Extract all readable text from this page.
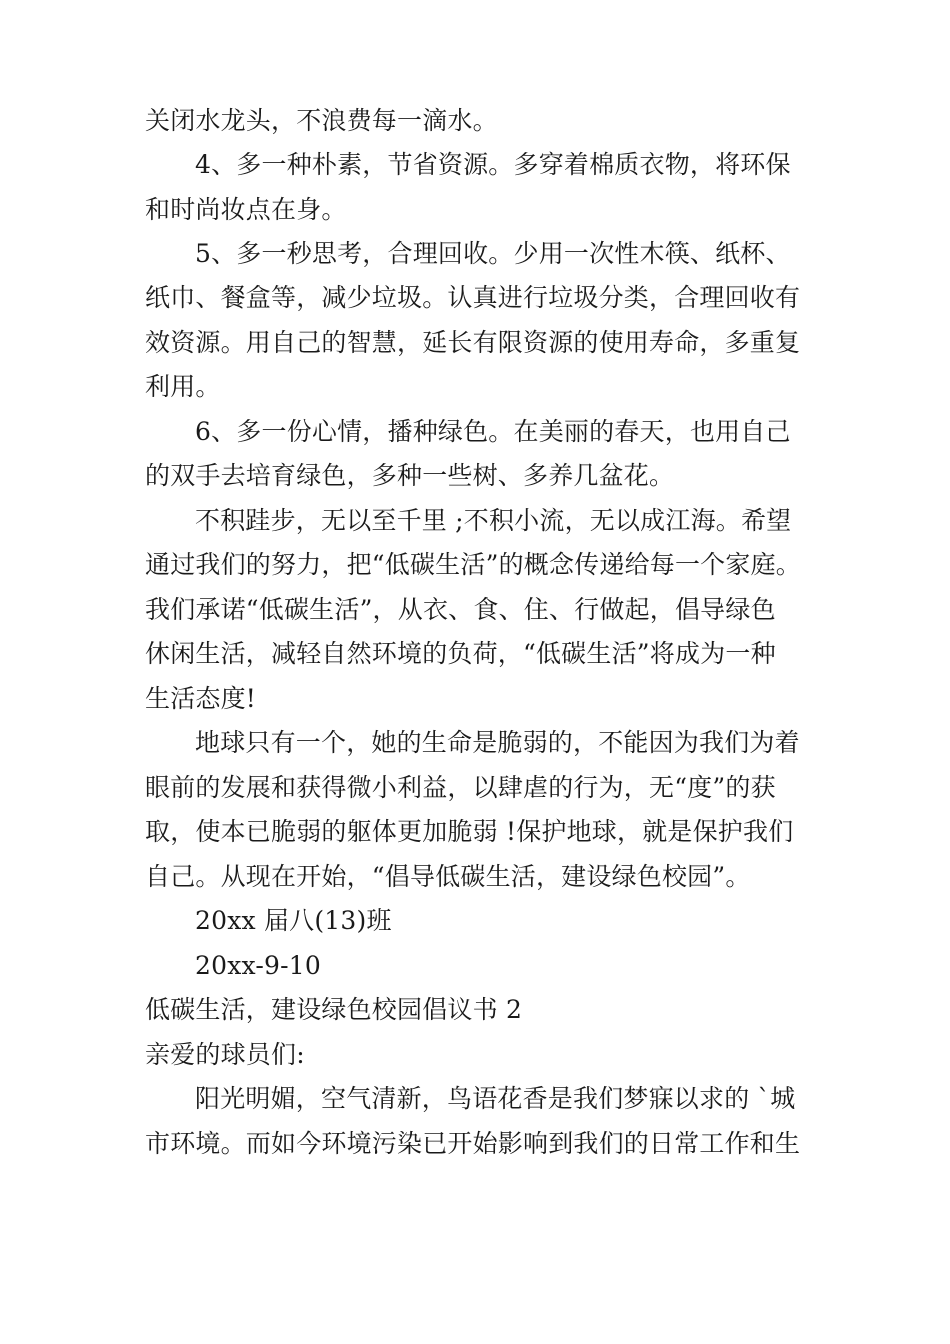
关闭水龙头，不浪费每一滴水。
4、多一种朴素，节省资源。多穿着棉质衣物，将环保
和时尚妆点在身。
5、多一秒思考，合理回收。少用一次性木筷、纸杯、
纸巾、餐盒等，减少垃圾。认真进行垃圾分类，合理回收有
效资源。用自己的智慧，延长有限资源的使用寿命，多重复
利用。
6、多一份心情，播种绿色。在美丽的春天，也用自己
的双手去培育绿色，多种一些树、多养几盆花。
不积跬步，无以至千里 ;不积小流，无以成江海。希望
通过我们的努力，把“低碳生活”的概念传递给每一个家庭。
我们承诺“低碳生活”，从衣、食、住、行做起，倡导绿色
休闲生活，减轻自然环境的负荷，“低碳生活”将成为一种
生活态度!
地球只有一个，她的生命是脆弱的，不能因为我们为着
眼前的发展和获得微小利益，以肆虐的行为，无“度”的获
取，使本已脆弱的躯体更加脆弱 !保护地球，就是保护我们
自己。从现在开始，“倡导低碳生活，建设绿色校园”。
20xx 届八(13)班
20xx-9-10
低碳生活，建设绿色校园倡议书 2
亲爱的球员们:
阳光明媚，空气清新，鸟语花香是我们梦寐以求的 `城
市环境。而如今环境污染已开始影响到我们的日常工作和生
